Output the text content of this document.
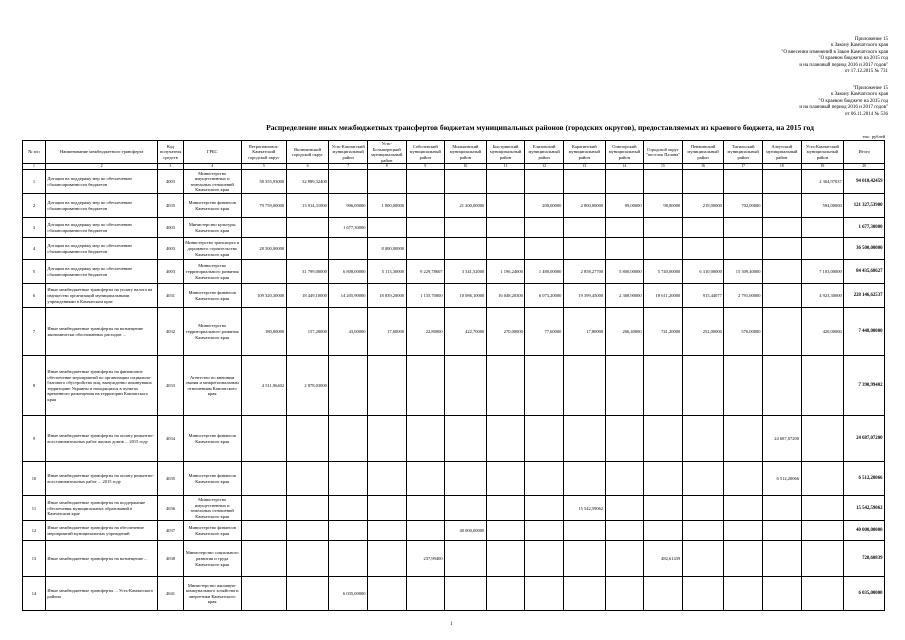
Приложение 15
к Закону Камчатского края
"О внесении изменений в Закон Камчатского края
"О краевом бюджете на 2015 год
и на плановый период 2016 и 2017 годов"
от 17.12.2015 № 731
"Приложение 15
к Закону Камчатского края
"О краевом бюджете на 2015 год
и на плановый период 2016 и 2017 годов"
от 06.11.2014 № 536
Распределение иных межбюджетных трансфертов бюджетам муниципальных районов (городских округов), предоставляемых из краевого бюджета, на 2015 год
тыс. рублей
№ п/п	Наименование межбюджетного трансферта	Код получателя средств	ГРБС	Петропавловск-Камчатский городской округ	Вилючинский городской округ	Усть-Камчатский муниципальный район	Усть-Большерецкий муниципальный район	Соболевский муниципальный район	Мильковский муниципальный район	Быстринский муниципальный район	Елизовский муниципальный район	Карагинский муниципальный район	Олюторский муниципальный район	Городской округ "поселок Палана"	Пенжинский муниципальный район	Тигильский муниципальный район	Алеутский муниципальный район	Усть-Камчатский муниципальный район	Итого
1	2	3	4	5	6	7	8	9	10	11	12	13	14	15	16	17	18	19	20
1	Дотации на поддержку мер по обеспечению сбалансированности бюджетов	4003	Министерство имущественных и земельных отношений Камчатского края	58 355,93000	32 889,32400													2 304,97037	94 010,42459
2	Дотации на поддержку мер по обеспечению сбалансированности бюджетов	4035	Министерство финансов Камчатского края	79 759,00000	13 914,31000	906,00000	1 800,00000		21 200,00000		200,00000	2 800,00000	99,00000	98,00000	219,00000	702,00000		594,00000	121 327,53900
3	Дотации на поддержку мер по обеспечению сбалансированности бюджетов	4003	Министерство культуры Камчатского края			1 677,30000													1 677,30000
4	Дотации на поддержку мер по обеспечению сбалансированности бюджетов	4003	Министерство транспорта и дорожного строительства Камчатского края	28 500,00000			8 000,00000												36 500,00000
5	Дотации на поддержку мер по обеспечению сбалансированности бюджетов	4003	Министерство территориального развития Камчатского края		31 799,00000	6 808,00000	5 113,30000	9 229,78607	3 341,52000	1 196,24000	1 480,00000	2 858,27700	5 800,00000	5 740,00000	6 310,00000	15 309,40000		7 103,00000	84 435,68627
6	Иные межбюджетные трансферты на уплату налога на имущество организаций муниципальными учреждениями в Камчатском крае	4031	Министерство финансов Камчатского края	109 320,30000	18 449,10000	14 205,90000	18 839,20000	1 135,70000	10 086,10000	16 048,20300	6 073,20000	19 399,45000	2 368,90000	18 611,20000	915,44077	2 791,00000		4 923,30000	228 146,62537
7	Иные межбюджетные трансферты на возмещение экономически обоснованных расходов ...	4032	Министерство территориального развития Камчатского края	180,00000	157,20000	43,00000	17,60000	22,80000	422,70000	270,00000	77,60000	17,80000	266,40000	741,20000	252,00000	576,00000		420,00000	7 448,00000
8	Иные межбюджетные трансферты на финансовое обеспечение мероприятий по организации социально-бытового обустройства лиц, вынужденно покинувших территорию Украины и находящихся в пунктах временного размещения на территории Камчатского края	4033	Агентство по внешним связям и межрегиональным отношениям Камчатского края	4 511,96402	2 878,03000														7 390,99402
9	Иные межбюджетные трансферты на оплату ремонтно-восстановительных работ жилых домов ... 2015 году	4034	Министерство финансов Камчатского края														24 687,07200		24 687,07200
10	Иные межбюджетные трансферты на оплату ремонтно-восстановительных работ ... 2015 году	4035	Министерство финансов Камчатского края														6 512,20066		6 512,20066
11	Иные межбюджетные трансферты на поддержание обеспечения муниципальных образований в Камчатском крае	4036	Министерство имущественных и земельных отношений Камчатского края									15 542,59062							15 542,59062
12	Иные межбюджетные трансферты на обеспечение мероприятий муниципальных учреждений	4037	Министерство финансов Камчатского края						40 000,00000										40 000,00000
13	Иные межбюджетные трансферты на возмещение ...	4038	Министерство социального развития и труда Камчатского края					237,99400						482,61439					720,60839
14	Иные межбюджетные трансферты ... Усть-Камчатского района	4041	Министерство жилищно-коммунального хозяйства и энергетики Камчатского края			6 035,00000													6 035,00000
1
